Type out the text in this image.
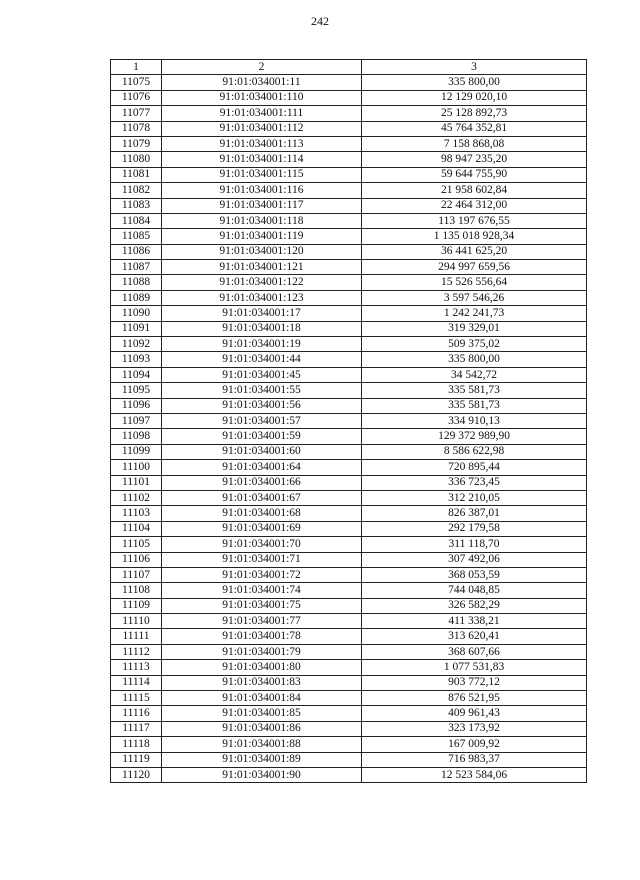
242
1	2	3
11075	91:01:034001:11	335 800,00
11076	91:01:034001:110	12 129 020,10
11077	91:01:034001:111	25 128 892,73
11078	91:01:034001:112	45 764 352,81
11079	91:01:034001:113	7 158 868,08
11080	91:01:034001:114	98 947 235,20
11081	91:01:034001:115	59 644 755,90
11082	91:01:034001:116	21 958 602,84
11083	91:01:034001:117	22 464 312,00
11084	91:01:034001:118	113 197 676,55
11085	91:01:034001:119	1 135 018 928,34
11086	91:01:034001:120	36 441 625,20
11087	91:01:034001:121	294 997 659,56
11088	91:01:034001:122	15 526 556,64
11089	91:01:034001:123	3 597 546,26
11090	91:01:034001:17	1 242 241,73
11091	91:01:034001:18	319 329,01
11092	91:01:034001:19	509 375,02
11093	91:01:034001:44	335 800,00
11094	91:01:034001:45	34 542,72
11095	91:01:034001:55	335 581,73
11096	91:01:034001:56	335 581,73
11097	91:01:034001:57	334 910,13
11098	91:01:034001:59	129 372 989,90
11099	91:01:034001:60	8 586 622,98
11100	91:01:034001:64	720 895,44
11101	91:01:034001:66	336 723,45
11102	91:01:034001:67	312 210,05
11103	91:01:034001:68	826 387,01
11104	91:01:034001:69	292 179,58
11105	91:01:034001:70	311 118,70
11106	91:01:034001:71	307 492,06
11107	91:01:034001:72	368 053,59
11108	91:01:034001:74	744 048,85
11109	91:01:034001:75	326 582,29
11110	91:01:034001:77	411 338,21
11111	91:01:034001:78	313 620,41
11112	91:01:034001:79	368 607,66
11113	91:01:034001:80	1 077 531,83
11114	91:01:034001:83	903 772,12
11115	91:01:034001:84	876 521,95
11116	91:01:034001:85	409 961,43
11117	91:01:034001:86	323 173,92
11118	91:01:034001:88	167 009,92
11119	91:01:034001:89	716 983,37
11120	91:01:034001:90	12 523 584,06
